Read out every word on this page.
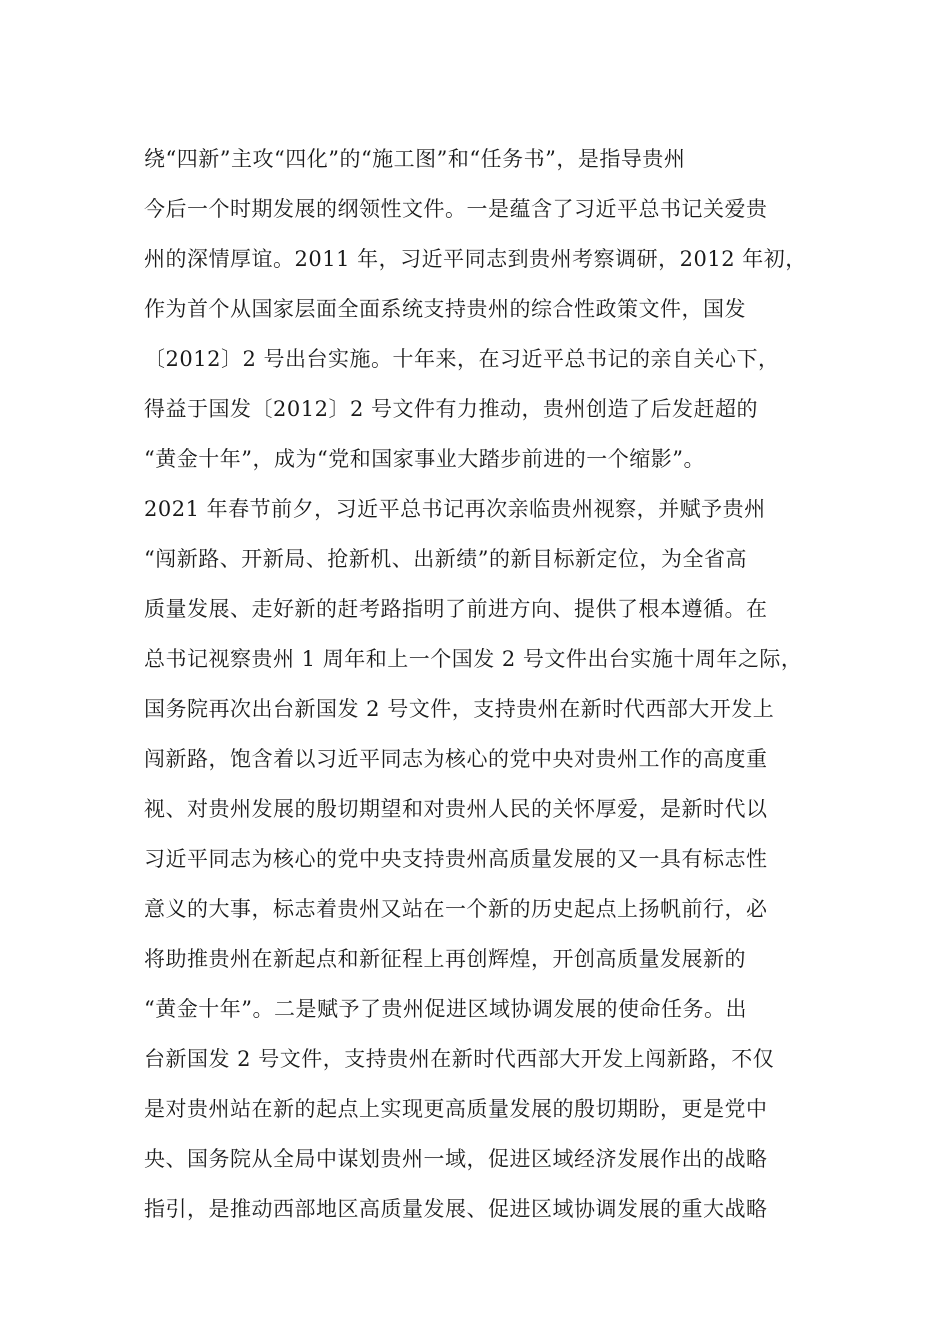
绕“四新”主攻“四化”的“施工图”和“任务书”，是指导贵州
今后一个时期发展的纲领性文件。一是蕴含了习近平总书记关爱贵
州的深情厚谊。2011 年，习近平同志到贵州考察调研，2012 年初，
作为首个从国家层面全面系统支持贵州的综合性政策文件，国发
〔2012〕2 号出台实施。十年来，在习近平总书记的亲自关心下，
得益于国发〔2012〕2 号文件有力推动，贵州创造了后发赶超的
“黄金十年”，成为“党和国家事业大踏步前进的一个缩影”。
2021 年春节前夕，习近平总书记再次亲临贵州视察，并赋予贵州
“闯新路、开新局、抢新机、出新绩”的新目标新定位，为全省高
质量发展、走好新的赶考路指明了前进方向、提供了根本遵循。在
总书记视察贵州 1 周年和上一个国发 2 号文件出台实施十周年之际，
国务院再次出台新国发 2 号文件，支持贵州在新时代西部大开发上
闯新路，饱含着以习近平同志为核心的党中央对贵州工作的高度重
视、对贵州发展的殷切期望和对贵州人民的关怀厚爱，是新时代以
习近平同志为核心的党中央支持贵州高质量发展的又一具有标志性
意义的大事，标志着贵州又站在一个新的历史起点上扬帆前行，必
将助推贵州在新起点和新征程上再创辉煌，开创高质量发展新的
“黄金十年”。二是赋予了贵州促进区域协调发展的使命任务。出
台新国发 2 号文件，支持贵州在新时代西部大开发上闯新路，不仅
是对贵州站在新的起点上实现更高质量发展的殷切期盼，更是党中
央、国务院从全局中谋划贵州一域，促进区域经济发展作出的战略
指引，是推动西部地区高质量发展、促进区域协调发展的重大战略
